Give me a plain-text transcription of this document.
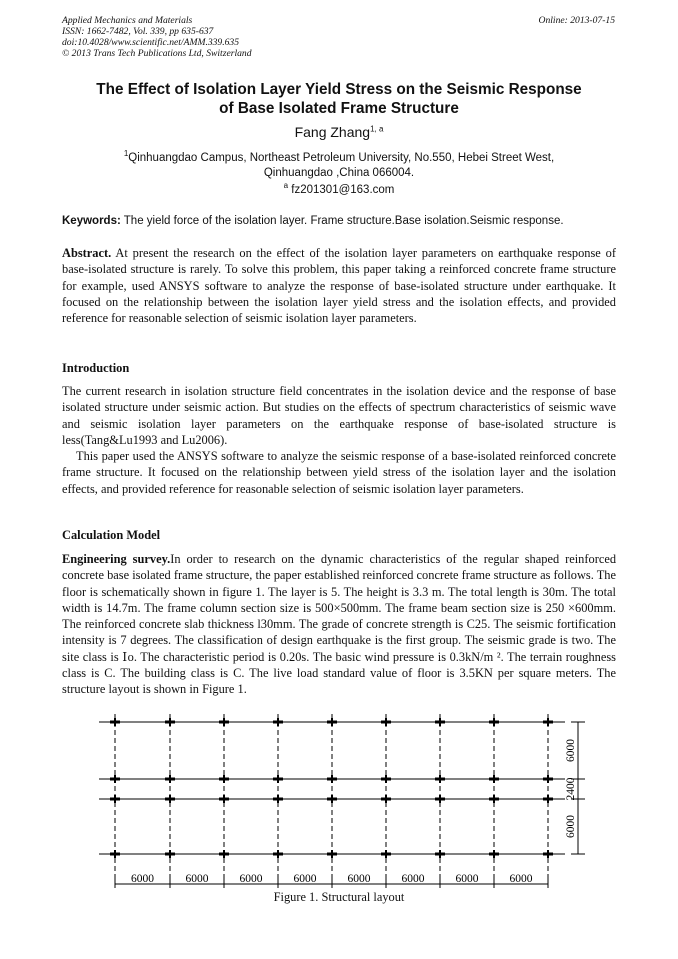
Applied Mechanics and Materials
ISSN: 1662-7482, Vol. 339, pp 635-637
doi:10.4028/www.scientific.net/AMM.339.635
© 2013 Trans Tech Publications Ltd, Switzerland
Online: 2013-07-15
The Effect of Isolation Layer Yield Stress on the Seismic Response
of Base Isolated Frame Structure
Fang Zhang$^{1, a}$
$^1$Qinhuangdao Campus, Northeast Petroleum University, No.550, Hebei Street West,
Qinhuangdao ,China 066004.
$^a$ fz201301@163.com
Keywords: The yield force of the isolation layer. Frame structure.Base isolation.Seismic response.
Abstract. At present the research on the effect of the isolation layer parameters on earthquake response of base-isolated structure is rarely. To solve this problem, this paper taking a reinforced concrete frame structure for example, used ANSYS software to analyze the response of base-isolated structure under earthquake. It focused on the relationship between the isolation layer yield stress and the isolation effects, and provided reference for reasonable selection of seismic isolation layer parameters.
Introduction
The current research in isolation structure field concentrates in the isolation device and the response of base isolated structure under seismic action. But studies on the effects of spectrum characteristics of seismic wave and seismic isolation layer parameters on the earthquake response of base-isolated structure is less(Tang&Lu1993 and Lu2006).
This paper used the ANSYS software to analyze the seismic response of a base-isolated reinforced concrete frame structure. It focused on the relationship between yield stress of the isolation layer and the isolation effects, and provided reference for reasonable selection of seismic isolation layer parameters.
Calculation Model
Engineering survey.In order to research on the dynamic characteristics of the regular shaped reinforced concrete base isolated frame structure, the paper established reinforced concrete frame structure as follows. The floor is schematically shown in figure 1. The layer is 5. The height is 3.3 m. The total length is 30m. The total width is 14.7m. The frame column section size is 500×500mm. The frame beam section size is 250 ×600mm. The reinforced concrete slab thickness l30mm. The grade of concrete strength is C25. The seismic fortification intensity is 7 degrees. The classification of design earthquake is the first group. The seismic grade is two. The site class is Ⅰo. The characteristic period is 0.20s. The basic wind pressure is 0.3kN/m ². The terrain roughness class is C. The building class is C. The live load standard value of floor is 3.5KN per square meters. The structure layout is shown in Figure 1.
6000	6000	6000	6000	6000	6000	6000	6000
6000
2400
6000
Figure 1. Structural layout
